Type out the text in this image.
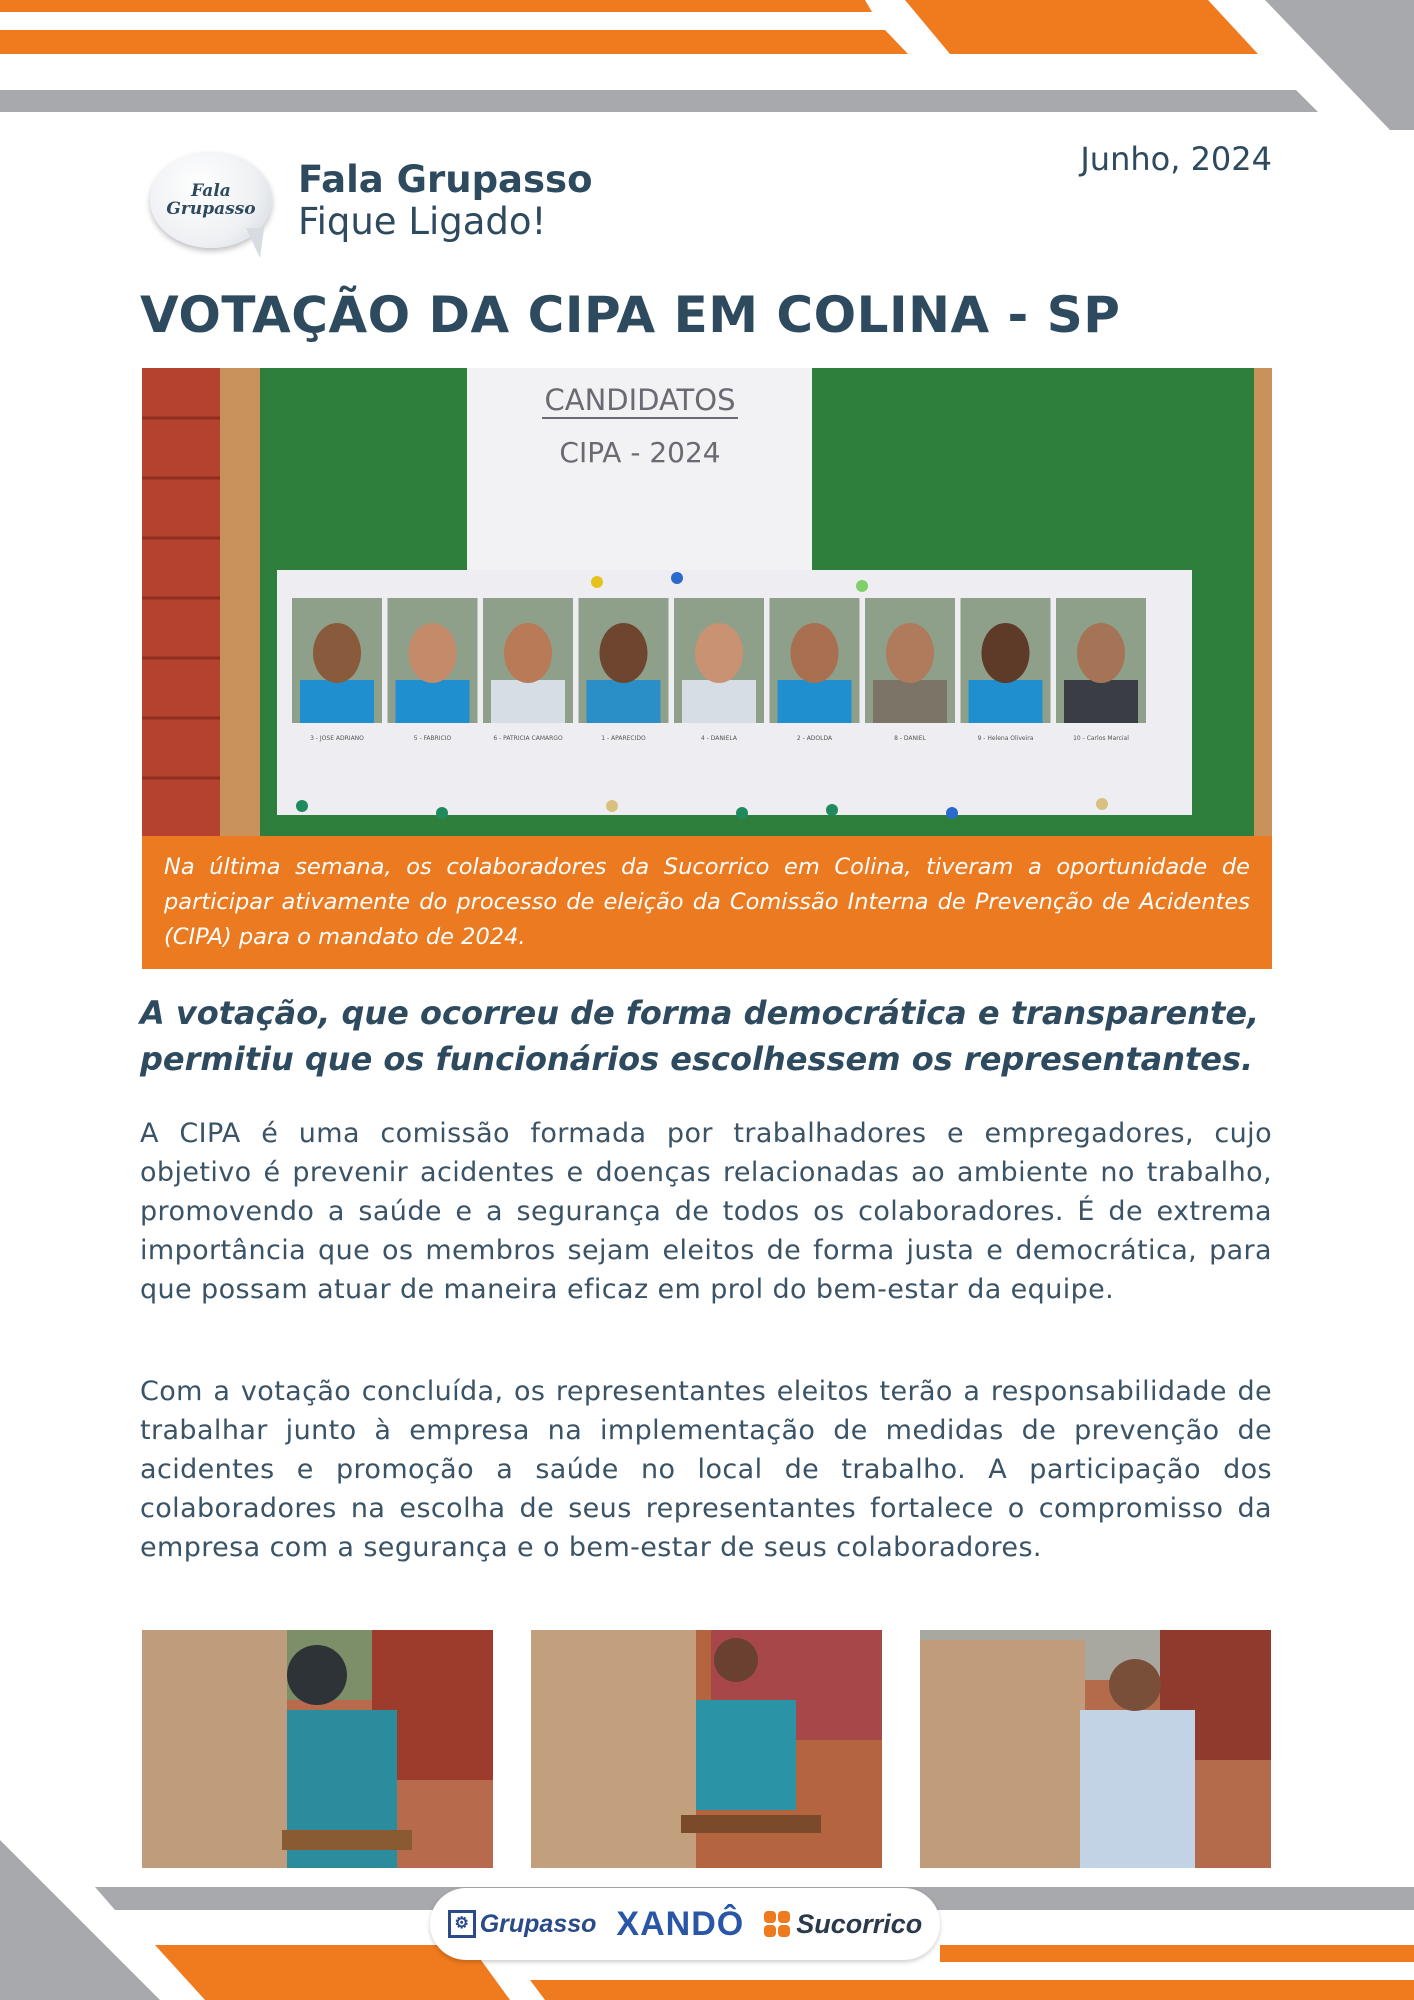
Fala
Grupasso
Fala Grupasso
Fique Ligado!
Junho, 2024
VOTAÇÃO DA CIPA EM COLINA - SP
CANDIDATOS
CIPA - 2024
3 - JOSE ADRIANO	5 - FABRICIO	6 - PATRICIA CAMARGO	1 - APARECIDO	4 - DANIELA	2 - ADOLDA	8 - DANIEL	9 - Helena Oliveira	10 - Carlos Marcial
Na última semana, os colaboradores da Sucorrico em Colina, tiveram a oportunidade de participar ativamente do processo de eleição da Comissão Interna de Prevenção de Acidentes (CIPA) para o mandato de 2024.
A votação, que ocorreu de forma democrática e transparente,
permitiu que os funcionários escolhessem os representantes.
A CIPA é uma comissão formada por trabalhadores e empregadores, cujo objetivo é prevenir acidentes e doenças relacionadas ao ambiente no trabalho, promovendo a saúde e a segurança de todos os colaboradores. É de extrema importância que os membros sejam eleitos de forma justa e democrática, para que possam atuar de maneira eficaz em prol do bem-estar da equipe.
Com a votação concluída, os representantes eleitos terão a responsabilidade de trabalhar junto à empresa na implementação de medidas de prevenção de acidentes e promoção a saúde no local de trabalho. A participação dos colaboradores na escolha de seus representantes fortalece o compromisso da empresa com a segurança e o bem-estar de seus colaboradores.
⚙ Grupasso XANDÔ Sucorrico
